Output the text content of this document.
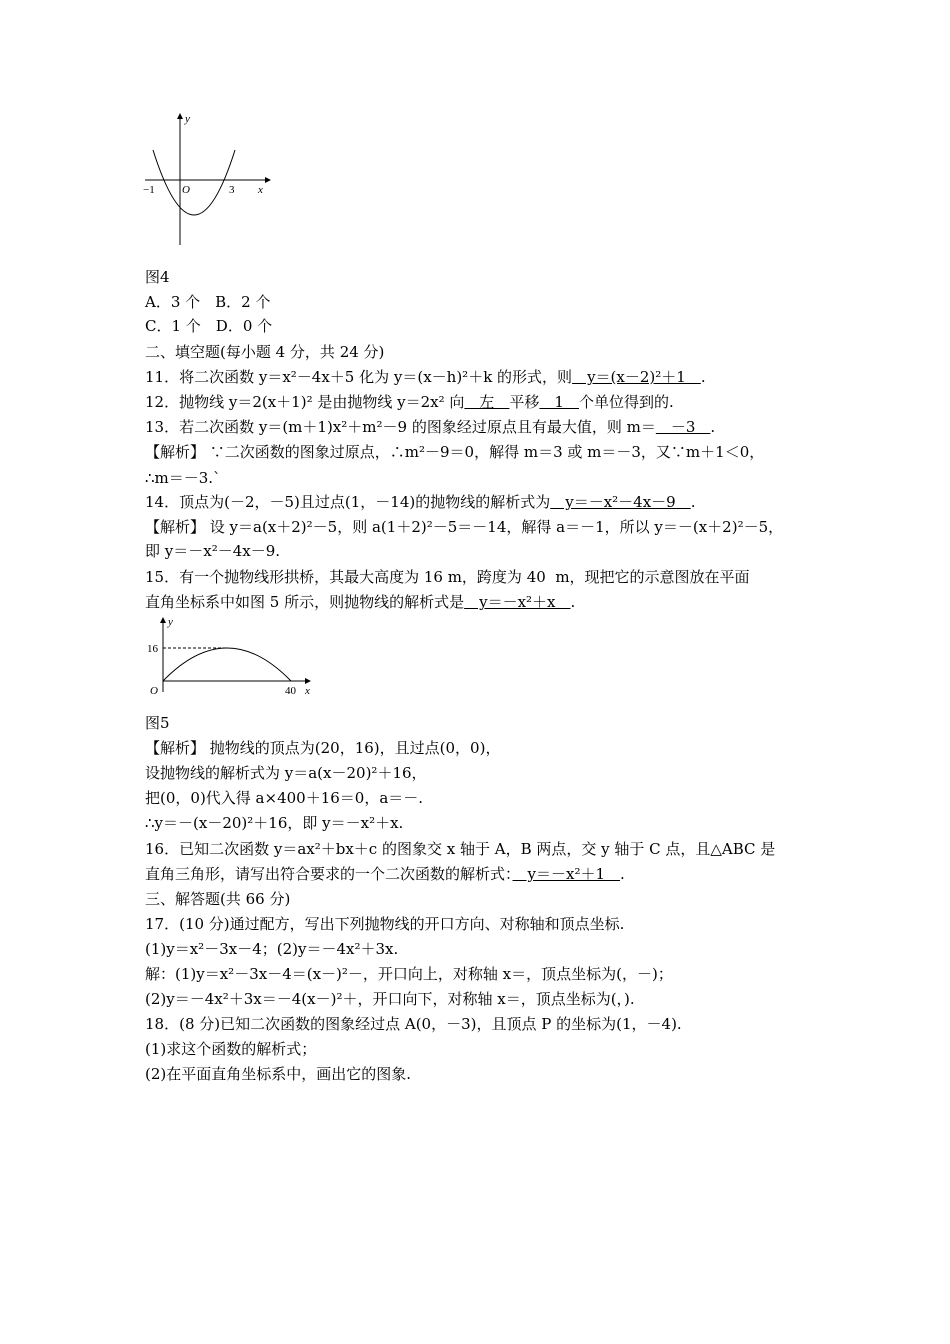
y
x
O
−1	3
图4
y
16
O	40 x
图5
A．3 个　B．2 个
C．1 个　D．0 个
二、填空题(每小题 4 分，共 24 分)
11．将二次函数 y＝x²－4x＋5 化为 y＝(x－h)²＋k 的形式，则　y＝(x－2)²＋1　.
12．抛物线 y＝2(x＋1)² 是由抛物线 y＝2x² 向　左　平移　1　个单位得到的.
13．若二次函数 y＝(m＋1)x²＋m²－9 的图象经过原点且有最大值，则 m＝　－3　.
【解析】 ∵二次函数的图象过原点，∴m²－9＝0，解得 m＝3 或 m＝－3，又∵m＋1＜0，
∴m＝－3.`
14．顶点为(－2，－5)且过点(1，－14)的抛物线的解析式为　y＝－x²－4x－9　.
【解析】 设 y＝a(x＋2)²－5，则 a(1＋2)²－5＝－14，解得 a＝－1，所以 y＝－(x＋2)²－5，
即 y＝－x²－4x－9.
15．有一个抛物线形拱桥，其最大高度为 16 m，跨度为 40  m，现把它的示意图放在平面
直角坐标系中如图 5 所示，则抛物线的解析式是　y＝－x²＋x　.
【解析】 抛物线的顶点为(20，16)，且过点(0，0)，
设抛物线的解析式为 y＝a(x－20)²＋16，
把(0，0)代入得 a×400＋16＝0，a＝－.
∴y＝－(x－20)²＋16，即 y＝－x²＋x.
16．已知二次函数 y＝ax²＋bx＋c 的图象交 x 轴于 A，B 两点，交 y 轴于 C 点，且△ABC 是
直角三角形，请写出符合要求的一个二次函数的解析式：　y＝－x²＋1　.
三、解答题(共 66 分)
17．(10 分)通过配方，写出下列抛物线的开口方向、对称轴和顶点坐标.
(1)y＝x²－3x－4；(2)y＝－4x²＋3x.
解：(1)y＝x²－3x－4＝(x－)²－，开口向上，对称轴 x＝，顶点坐标为(，－)；
(2)y＝－4x²＋3x＝－4(x－)²＋，开口向下，对称轴 x＝，顶点坐标为(，).
18．(8 分)已知二次函数的图象经过点 A(0，－3)，且顶点 P 的坐标为(1，－4).
(1)求这个函数的解析式；
(2)在平面直角坐标系中，画出它的图象.
